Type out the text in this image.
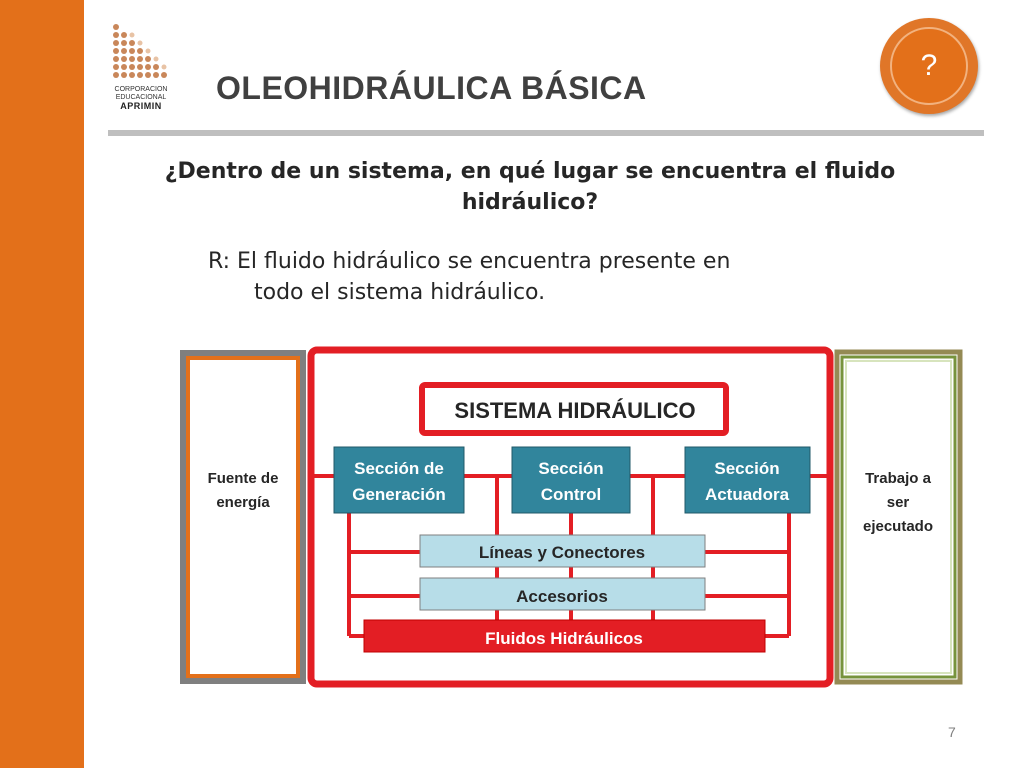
CORPORACION
EDUCACIONAL
APRIMIN	OLEOHIDRÁULICA BÁSICA
?
¿Dentro de un sistema, en qué lugar se encuentra el fluido hidráulico?
R: El fluido hidráulico se encuentra presente en
todo el sistema hidráulico.
Fuente de
energía
Trabajo a
ser
ejecutado
SISTEMA HIDRÁULICO
Sección de
Generación
Sección
Control
Sección
Actuadora
Líneas y Conectores
Accesorios
Fluidos Hidráulicos
7
